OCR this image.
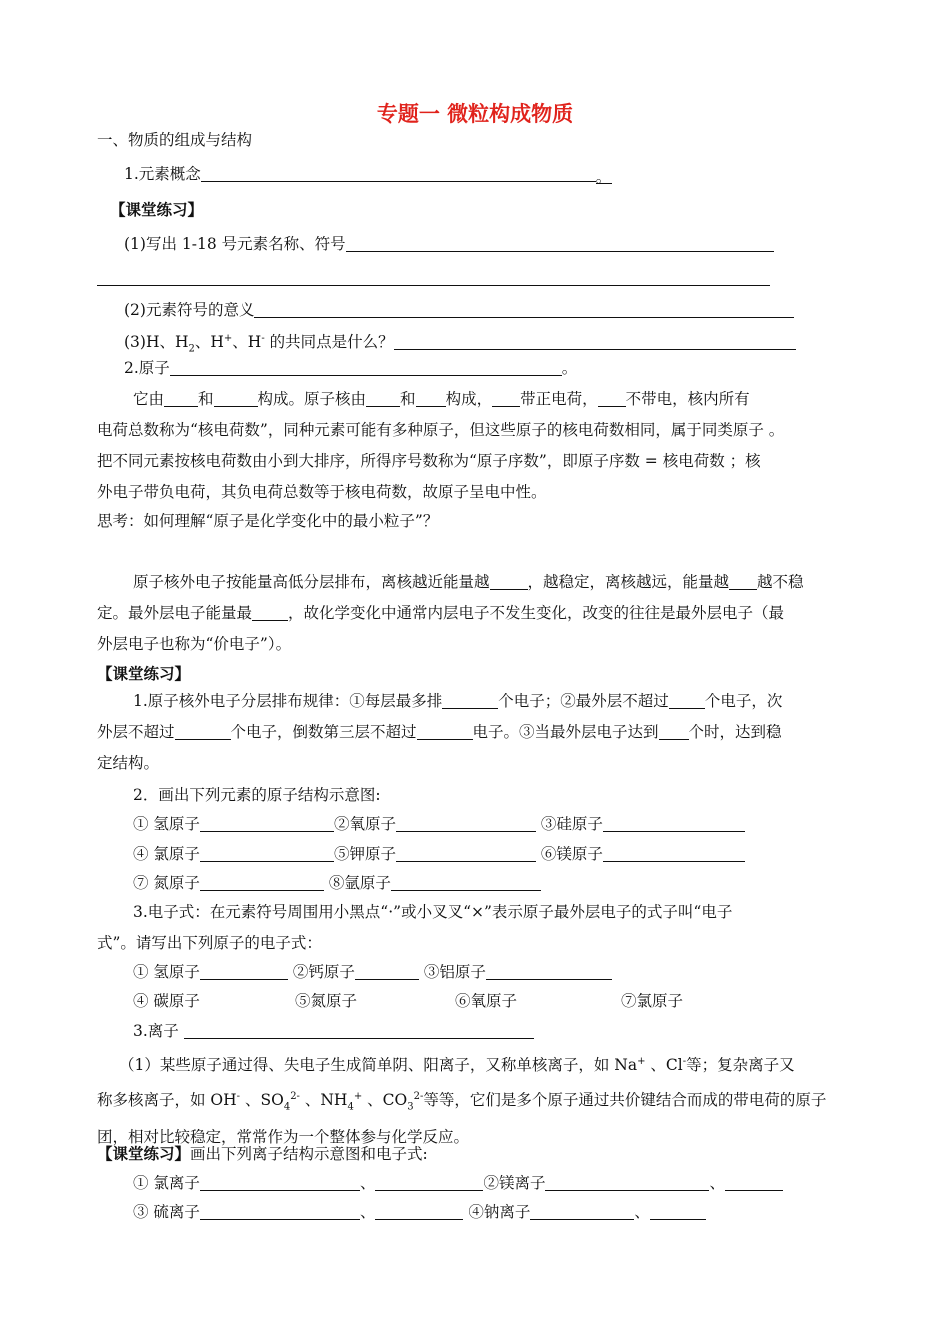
专题一 微粒构成物质
一、物质的组成与结构
1.元素概念	。
【课堂练习】
(1)写出 1-18 号元素名称、符号
(2)元素符号的意义
(3)H、$H_2$、H+、H- 的共同点是什么？
2.原子	。
它由 和	构成。原子核由 和 构成， 带正电荷， 不带电，核内所有
电荷总数称为“核电荷数”，同种元素可能有多种原子，但这些原子的核电荷数相同，属于同类原子 。
把不同元素按核电荷数由小到大排序，所得序号数称为“原子序数”，即原子序数 = 核电荷数 ；核
外电子带负电荷，其负电荷总数等于核电荷数，故原子呈电中性。
思考：如何理解“原子是化学变化中的最小粒子”？
原子核外电子按能量高低分层排布，离核越近能量越 ，越稳定，离核越远，能量越 越不稳
定。最外层电子能量最 ，故化学变化中通常内层电子不发生变化，改变的往往是最外层电子（最
外层电子也称为“价电子”）。
【课堂练习】
1.原子核外电子分层排布规律：①每层最多排	个电子；②最外层不超过 个电子，次
外层不超过	个电子，倒数第三层不超过	电子。③当最外层电子达到 个时，达到稳
定结构。
2．画出下列元素的原子结构示意图:
① 氢原子	②氧原子	③硅原子
④ 氯原子	⑤钾原子	⑥镁原子
⑦ 氮原子	⑧氩原子
3.电子式：在元素符号周围用小黑点“·”或小叉叉“×”表示原子最外层电子的式子叫“电子
式”。请写出下列原子的电子式：
① 氢原子	②钙原子	③铝原子
④ 碳原子	⑤氮原子	⑥氧原子	⑦氯原子
3.离子
（1）某些原子通过得、失电子生成简单阴、阳离子，又称单核离子，如 Na+ 、Cl-等；复杂离子又
称多核离子，如 OH- 、$SO_4^{2-}$ 、$NH_4^+$ 、$CO_3^{2-}$等等，它们是多个原子通过共价键结合而成的带电荷的原子
团，相对比较稳定，常常作为一个整体参与化学反应。
【课堂练习】画出下列离子结构示意图和电子式:
① 氯离子	、	②镁离子	、
③ 硫离子	、	④钠离子	、
